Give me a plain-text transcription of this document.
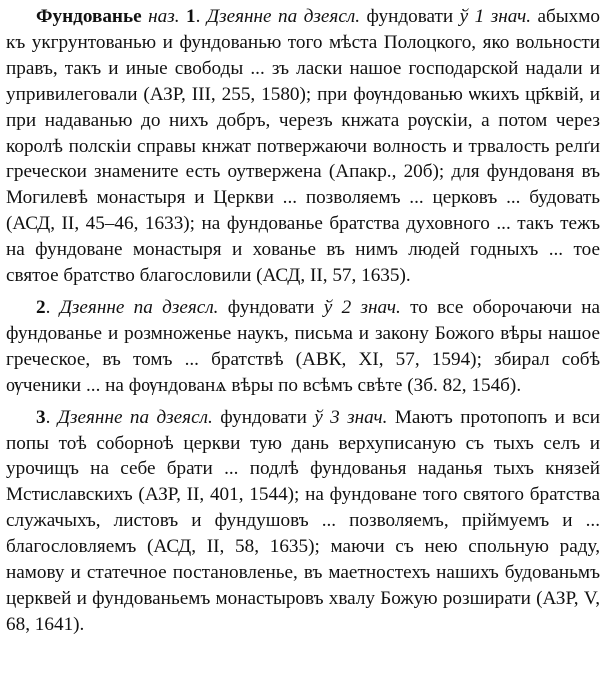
Фундованье наз. 1. Дзеянне па дзеясл. фундовати ў 1 знач. абыхмо къ укгрунтованью и фундованью того мѣста Полоцкого, яко вольности правъ, такъ и иные свободы ... зъ ласки нашое господарской надали и упривилеговали (АЗР, III, 255, 1580); при фѹндованью ѡкихъ цр҃квій, и при надаванью до нихъ добръ, черезъ кнжата рѹскіи, а потом через королѣ полскіи справы кнжат потвержаючи волность и трвалость релґи греческои знамените есть оутвержена (Апакр., 20б); для фундованя въ Могилевѣ монастыря и Церкви ... позволяемъ ... церковъ ... будовать (АСД, II, 45–46, 1633); на фундованье братства духовного ... такъ тежъ на фундоване монастыря и хованье въ нимъ людей годныхъ ... тое святое братство благословили (АСД, II, 57, 1635).

2. Дзеянне па дзеясл. фундовати ў 2 знач. то все оборочаючи на фундованье и розмноженье наукъ, письма и закону Божого вѣры нашое греческое, въ томъ ... братствѣ (АВК, XI, 57, 1594); збирал собѣ ѹченики ... на фѹндованѧ вѣры по всѣмъ свѣте (Зб. 82, 154б).

3. Дзеянне па дзеясл. фундовати ў 3 знач. Маютъ протопопъ и вси попы тоѣ соборноѣ церкви тую дань верхуписаную съ тыхъ селъ и урочищъ на себе брати ... подлѣ фундованья наданья тыхъ князей Мстиславскихъ (АЗР, II, 401, 1544); на фундоване того святого братства служачыхъ, листовъ и фундушовъ ... позволяемъ, пріймуемъ и ... благословляемъ (АСД, II, 58, 1635); маючи съ нею спольную раду, намову и статечное постановленье, въ маетностехъ нашихъ будованьмъ церквей и фундованьемъ монастыровъ хвалу Божую розширати (АЗР, V, 68, 1641).
